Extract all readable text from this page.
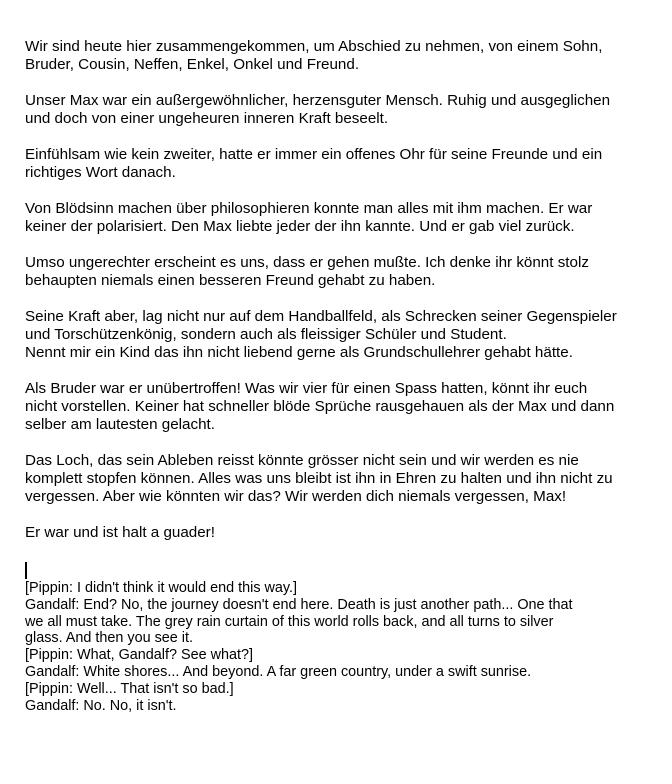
Wir sind heute hier zusammengekommen, um Abschied zu nehmen, von einem Sohn,
Bruder, Cousin, Neffen, Enkel, Onkel und Freund.

Unser Max war ein außergewöhnlicher, herzensguter Mensch. Ruhig und ausgeglichen
und doch von einer ungeheuren inneren Kraft beseelt.

Einfühlsam wie kein zweiter, hatte er immer ein offenes Ohr für seine Freunde und ein
richtiges Wort danach.

Von Blödsinn machen über philosophieren konnte man alles mit ihm machen. Er war
keiner der polarisiert. Den Max liebte jeder der ihn kannte. Und er gab viel zurück.

Umso ungerechter erscheint es uns, dass er gehen mußte. Ich denke ihr könnt stolz
behaupten niemals einen besseren Freund gehabt zu haben.

Seine Kraft aber, lag nicht nur auf dem Handballfeld, als Schrecken seiner Gegenspieler
und Torschützenkönig, sondern auch als fleissiger Schüler und Student.
Nennt mir ein Kind das ihn nicht liebend gerne als Grundschullehrer gehabt hätte.

Als Bruder war er unübertroffen! Was wir vier für einen Spass hatten, könnt ihr euch
nicht vorstellen. Keiner hat schneller blöde Sprüche rausgehauen als der Max und dann
selber am lautesten gelacht.

Das Loch, das sein Ableben reisst könnte grösser nicht sein und wir werden es nie
komplett stopfen können. Alles was uns bleibt ist ihn in Ehren zu halten und ihn nicht zu
vergessen. Aber wie könnten wir das? Wir werden dich niemals vergessen, Max!

Er war und ist halt a guader!

[Pippin: I didn't think it would end this way.]
Gandalf: End? No, the journey doesn't end here. Death is just another path... One that
we all must take. The grey rain curtain of this world rolls back, and all turns to silver
glass. And then you see it.
[Pippin: What, Gandalf? See what?]
Gandalf: White shores... And beyond. A far green country, under a swift sunrise.
[Pippin: Well... That isn't so bad.]
Gandalf: No. No, it isn't.
